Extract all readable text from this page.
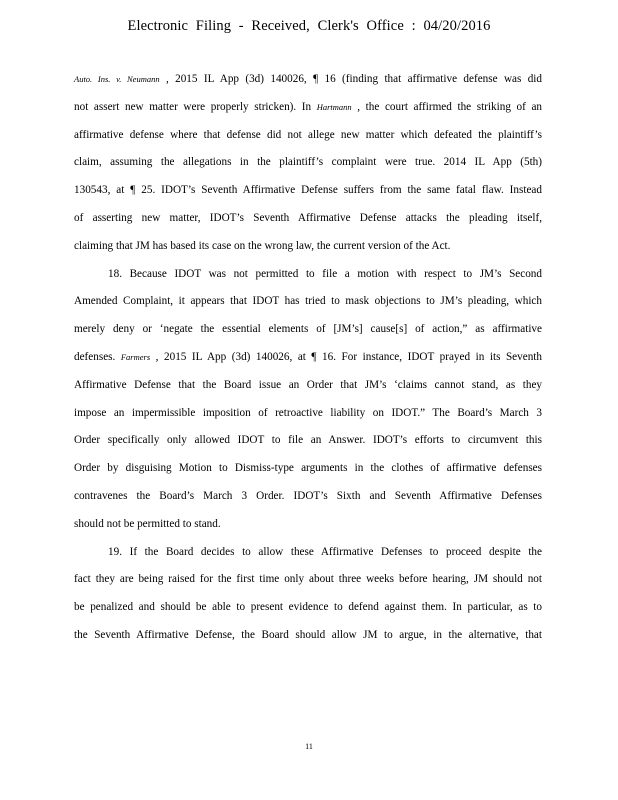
Electronic Filing - Received, Clerk's Office : 04/20/2016
Auto. Ins. v. Neumann , 2015 IL App (3d) 140026, ¶ 16 (finding that affirmative defense was did
not assert new matter were properly stricken). In Hartmann , the court affirmed the striking of an
affirmative defense where that defense did not allege new matter which defeated the plaintiff’s
claim, assuming the allegations in the plaintiff’s complaint were true. 2014 IL App (5th)
130543, at ¶ 25. IDOT’s Seventh Affirmative Defense suffers from the same fatal flaw. Instead
of asserting new matter, IDOT’s Seventh Affirmative Defense attacks the pleading itself,
claiming that JM has based its case on the wrong law, the current version of the Act.
18. Because IDOT was not permitted to file a motion with respect to JM’s Second
Amended Complaint, it appears that IDOT has tried to mask objections to JM’s pleading, which
merely deny or ‘negate the essential elements of [JM’s] cause[s] of action,” as affirmative
defenses. Farmers , 2015 IL App (3d) 140026, at ¶ 16. For instance, IDOT prayed in its Seventh
Affirmative Defense that the Board issue an Order that JM’s ‘claims cannot stand, as they
impose an impermissible imposition of retroactive liability on IDOT.” The Board’s March 3
Order specifically only allowed IDOT to file an Answer. IDOT’s efforts to circumvent this
Order by disguising Motion to Dismiss-type arguments in the clothes of affirmative defenses
contravenes the Board’s March 3 Order. IDOT’s Sixth and Seventh Affirmative Defenses
should not be permitted to stand.
19. If the Board decides to allow these Affirmative Defenses to proceed despite the
fact they are being raised for the first time only about three weeks before hearing, JM should not
be penalized and should be able to present evidence to defend against them. In particular, as to
the Seventh Affirmative Defense, the Board should allow JM to argue, in the alternative, that
11
